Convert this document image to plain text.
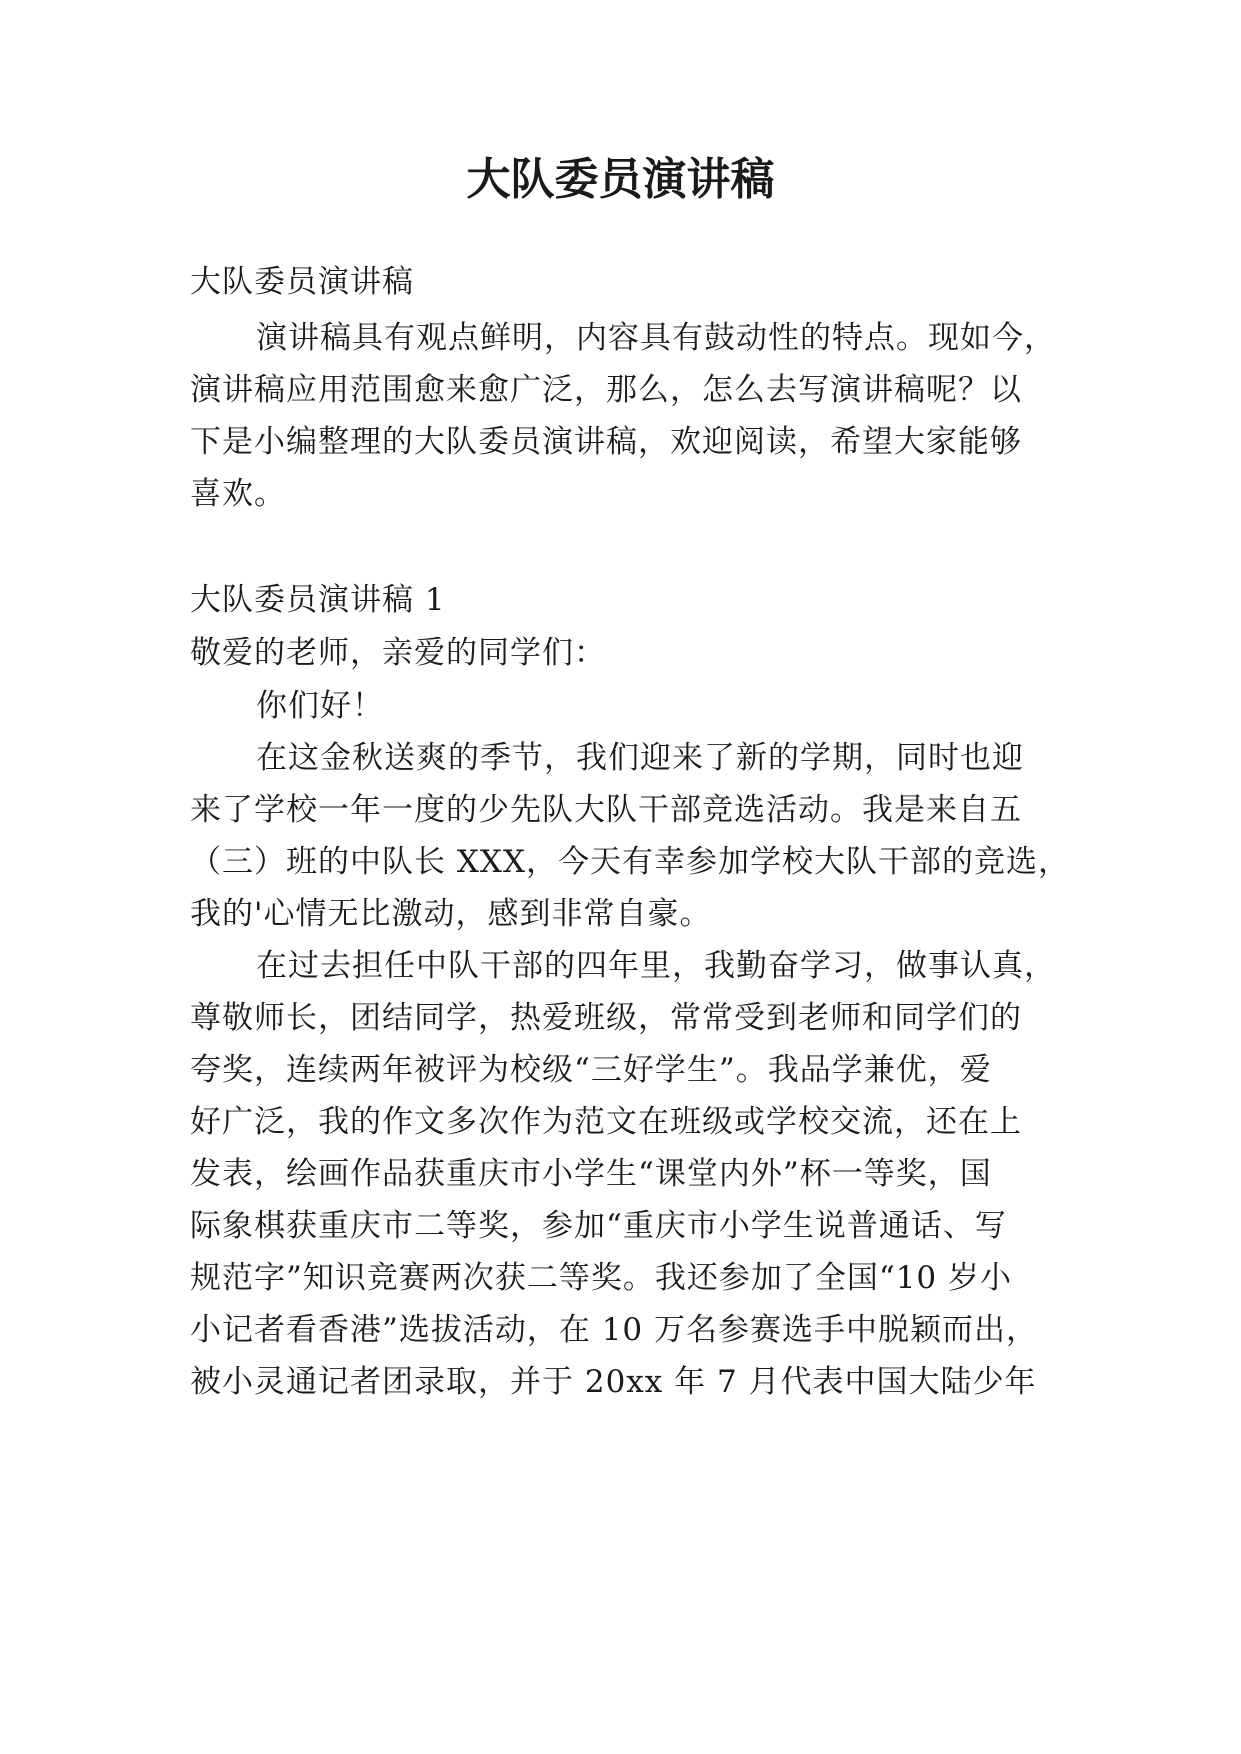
大队委员演讲稿

大队委员演讲稿

演讲稿具有观点鲜明，内容具有鼓动性的特点。现如今，

演讲稿应用范围愈来愈广泛，那么，怎么去写演讲稿呢？以

下是小编整理的大队委员演讲稿，欢迎阅读，希望大家能够

喜欢。

大队委员演讲稿 1

敬爱的老师，亲爱的同学们：

你们好！

在这金秋送爽的季节，我们迎来了新的学期，同时也迎

来了学校一年一度的少先队大队干部竞选活动。我是来自五

（三）班的中队长 XXX，今天有幸参加学校大队干部的竞选，

我的'心情无比激动，感到非常自豪。

在过去担任中队干部的四年里，我勤奋学习，做事认真，

尊敬师长，团结同学，热爱班级，常常受到老师和同学们的

夸奖，连续两年被评为校级“三好学生”。我品学兼优，爱

好广泛，我的作文多次作为范文在班级或学校交流，还在上

发表，绘画作品获重庆市小学生“课堂内外”杯一等奖，国

际象棋获重庆市二等奖，参加“重庆市小学生说普通话、写

规范字”知识竞赛两次获二等奖。我还参加了全国“10 岁小

小记者看香港”选拔活动，在 10 万名参赛选手中脱颖而出，

被小灵通记者团录取，并于 20xx 年 7 月代表中国大陆少年
